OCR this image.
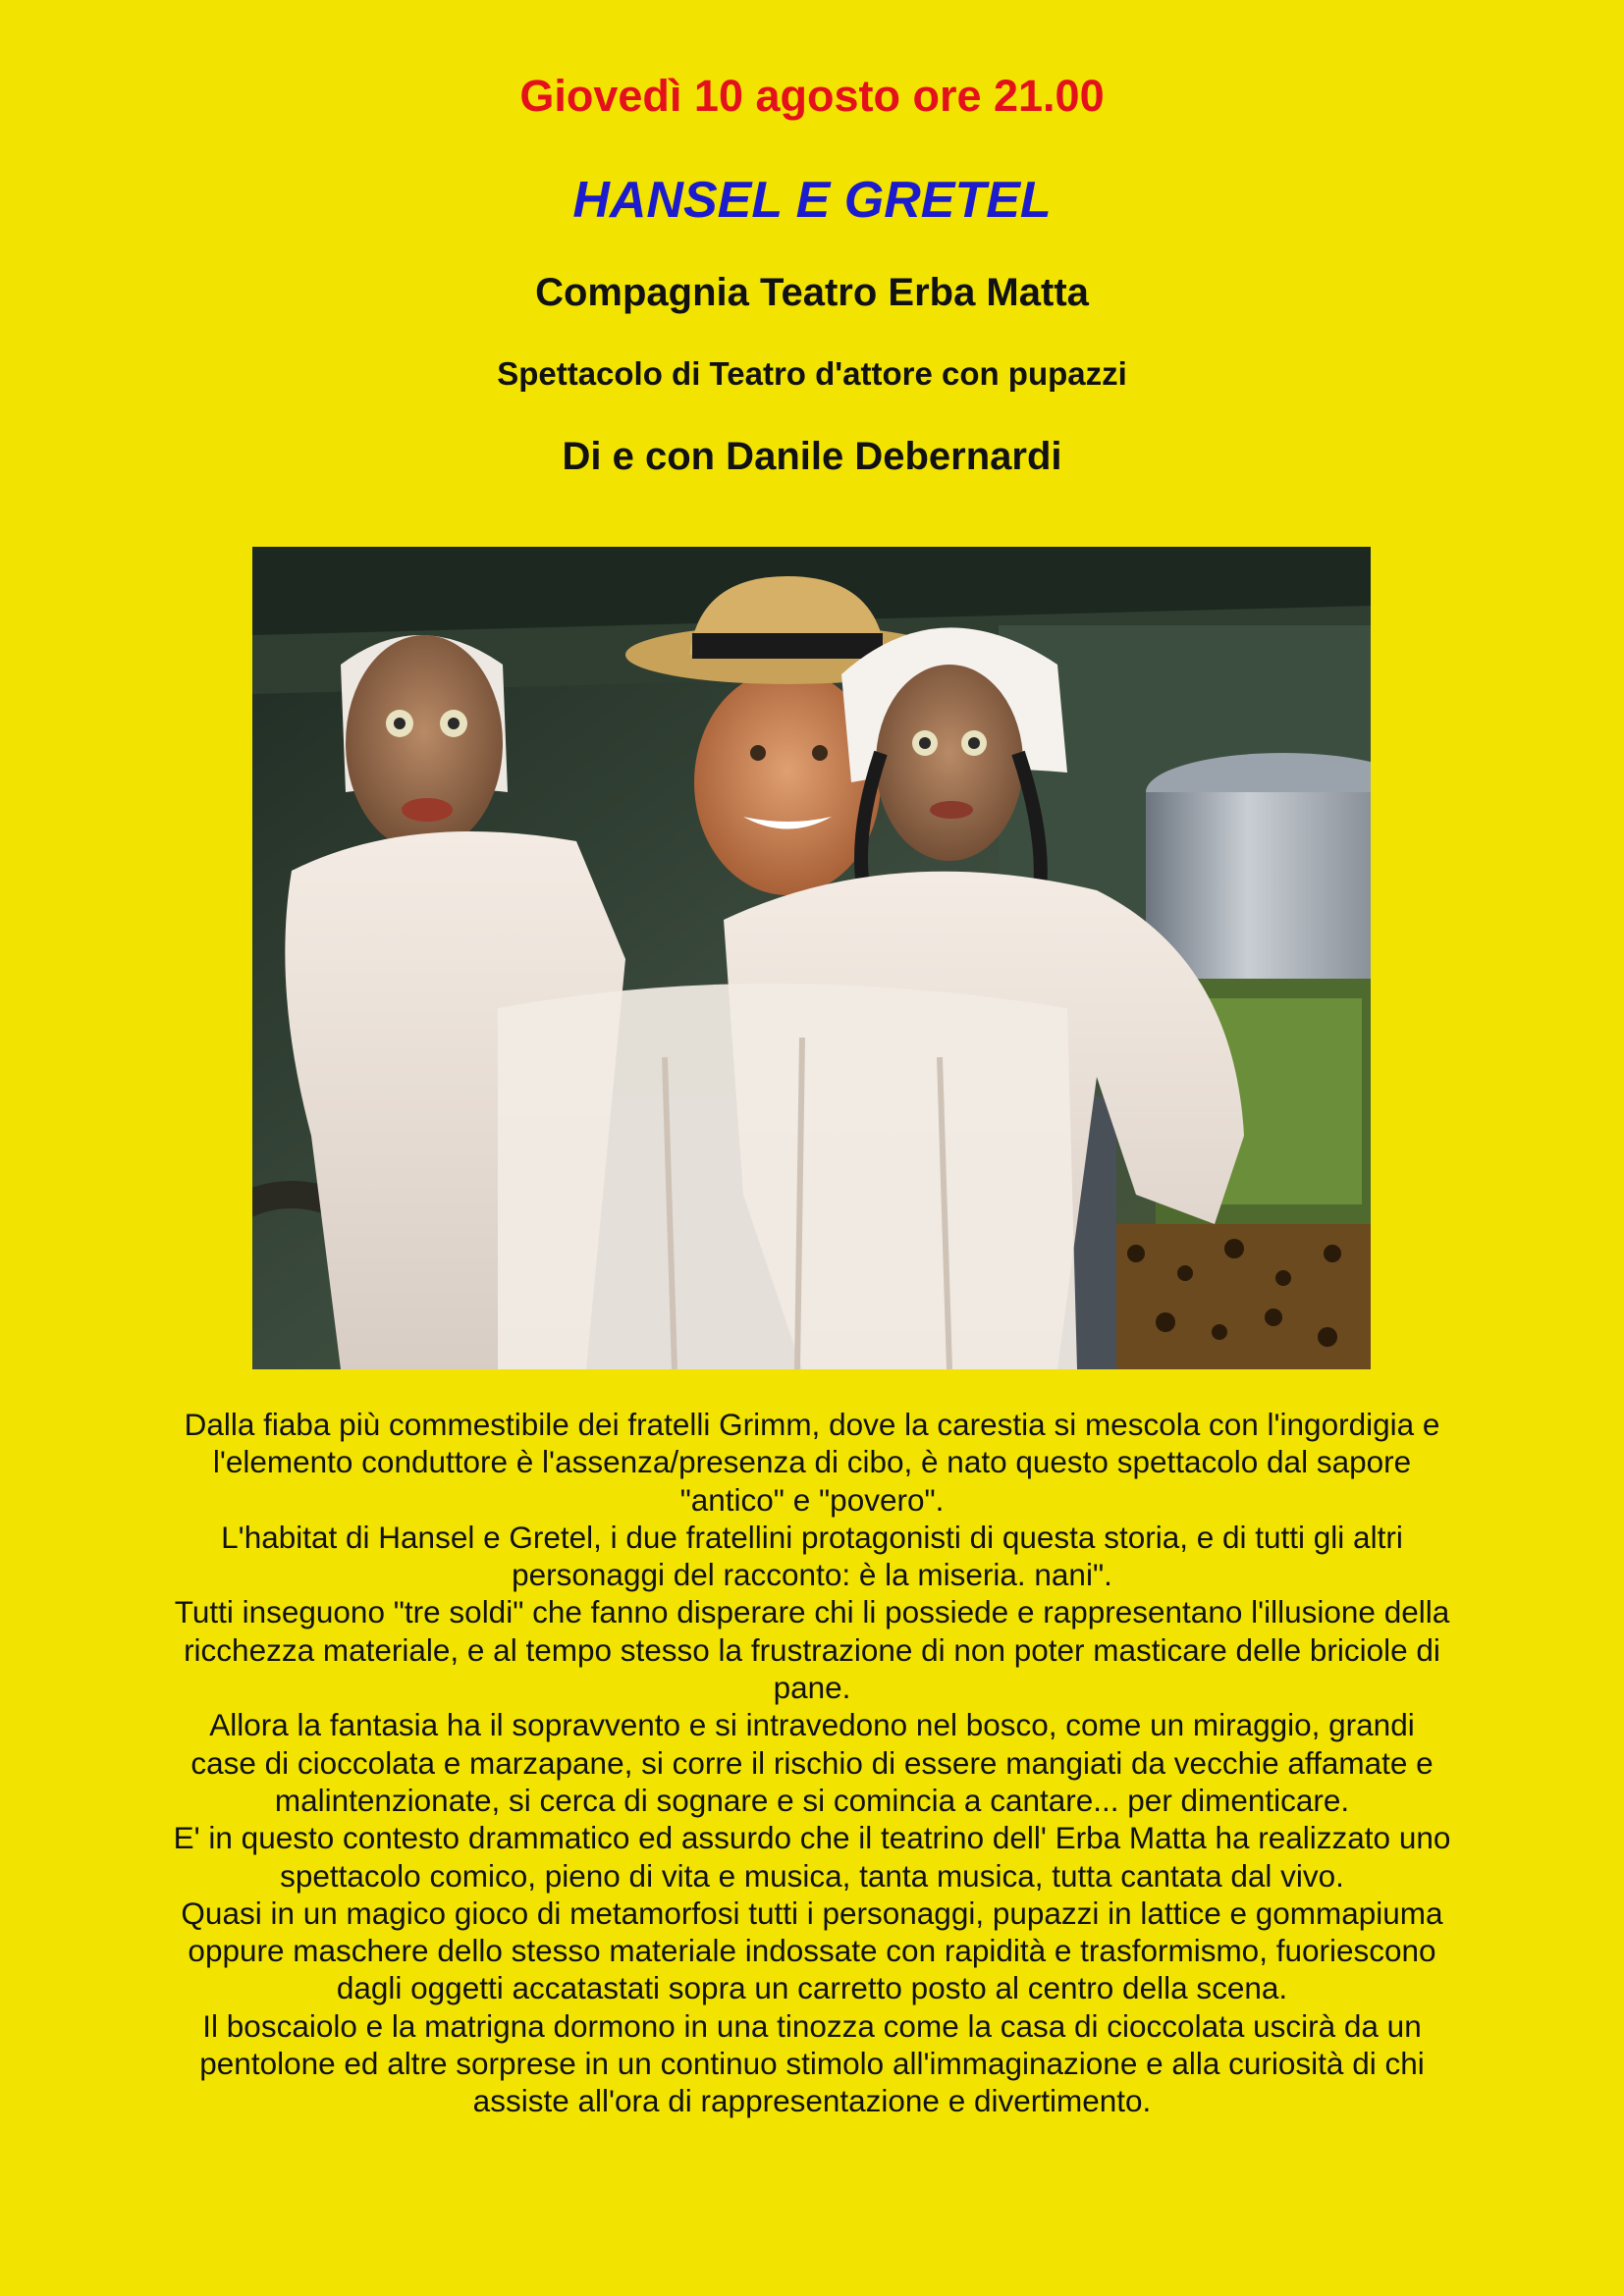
Giovedì 10 agosto ore 21.00
HANSEL E GRETEL
Compagnia Teatro Erba Matta
Spettacolo di Teatro d'attore con pupazzi
Di e con Danile Debernardi
Dalla fiaba più commestibile dei fratelli Grimm, dove la carestia si mescola con l'ingordigia e
l'elemento conduttore è l'assenza/presenza di cibo, è nato questo spettacolo dal sapore
"antico" e "povero".
L'habitat di Hansel e Gretel, i due fratellini protagonisti di questa storia, e di tutti gli altri
personaggi del racconto: è la miseria. nani".
Tutti inseguono "tre soldi" che fanno disperare chi li possiede e rappresentano l'illusione della
ricchezza materiale, e al tempo stesso la frustrazione di non poter masticare delle briciole di
pane.
Allora la fantasia ha il sopravvento e si intravedono nel bosco, come un miraggio, grandi
case di cioccolata e marzapane, si corre il rischio di essere mangiati da vecchie affamate e
malintenzionate, si cerca di sognare e si comincia a cantare... per dimenticare.
E' in questo contesto drammatico ed assurdo che il teatrino dell' Erba Matta ha realizzato uno
spettacolo comico, pieno di vita e musica, tanta musica, tutta cantata dal vivo.
Quasi in un magico gioco di metamorfosi tutti i personaggi, pupazzi in lattice e gommapiuma
oppure maschere dello stesso materiale indossate con rapidità e trasformismo, fuoriescono
dagli oggetti accatastati sopra un carretto posto al centro della scena.
Il boscaiolo e la matrigna dormono in una tinozza come la casa di cioccolata uscirà da un
pentolone ed altre sorprese in un continuo stimolo all'immaginazione e alla curiosità di chi
assiste all'ora di rappresentazione e divertimento.
